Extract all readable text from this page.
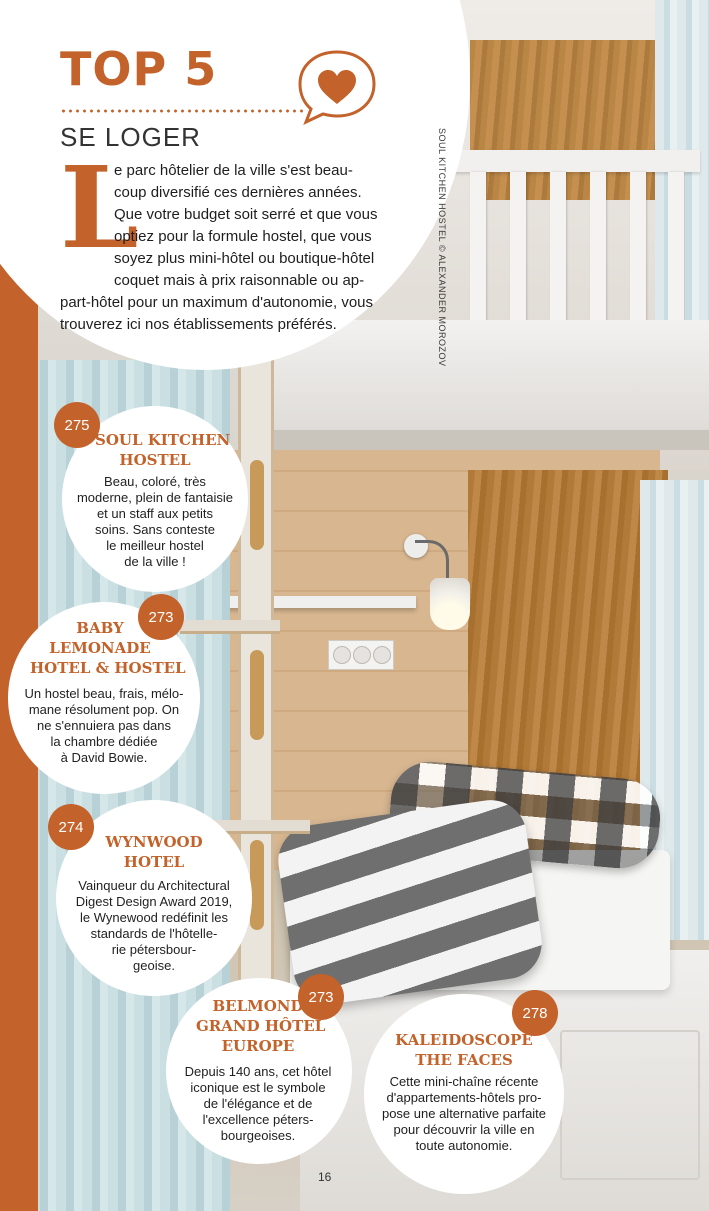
SOUL KITCHEN HOSTEL © ALEXANDER MOROZOV
TOP 5
SE LOGER
L
e parc hôtelier de la ville s'est beau-
coup diversifié ces dernières années.
Que votre budget soit serré et que vous
optiez pour la formule hostel, que vous
soyez plus mini-hôtel ou boutique-hôtel
coquet mais à prix raisonnable ou ap-
part-hôtel pour un maximum d'autonomie, vous
trouverez ici nos établissements préférés.
275
SOUL KITCHEN
HOSTEL
Beau, coloré, très
moderne, plein de fantaisie
et un staff aux petits
soins. Sans conteste
le meilleur hostel
de la ville !
273
BABY
LEMONADE
HOTEL & HOSTEL
Un hostel beau, frais, mélo-
mane résolument pop. On
ne s'ennuiera pas dans
la chambre dédiée
à David Bowie.
274
WYNWOOD
HOTEL
Vainqueur du Architectural
Digest Design Award 2019,
le Wynewood redéfinit les
standards de l'hôtelle-
rie pétersbour-
geoise.
273
BELMOND
GRAND HÔTEL
EUROPE
Depuis 140 ans, cet hôtel
iconique est le symbole
de l'élégance et de
l'excellence péters-
bourgeoises.
278
KALEIDOSCOPE
THE FACES
Cette mini-chaîne récente
d'appartements-hôtels pro-
pose une alternative parfaite
pour découvrir la ville en
toute autonomie.
16
